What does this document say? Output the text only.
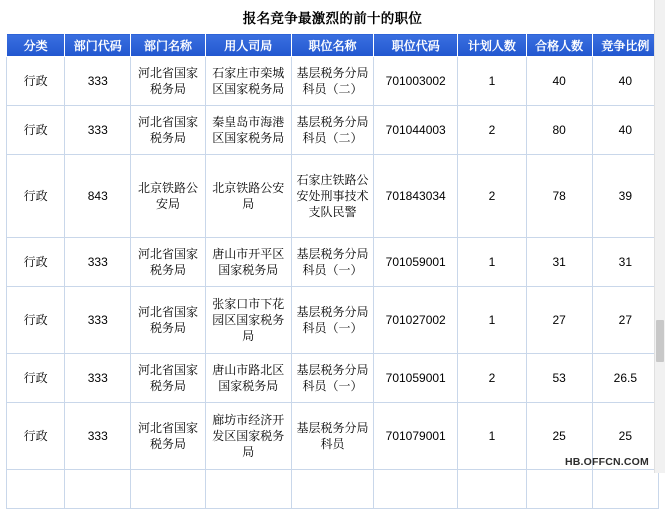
报名竞争最激烈的前十的职位
分类	部门代码	部门名称	用人司局	职位名称	职位代码	计划人数	合格人数	竞争比例
行政	333	河北省国家税务局	石家庄市栾城区国家税务局	基层税务分局科员（二）	701003002	1	40	40
行政	333	河北省国家税务局	秦皇岛市海港区国家税务局	基层税务分局科员（二）	701044003	2	80	40
行政	843	北京铁路公安局	北京铁路公安局	石家庄铁路公安处刑事技术支队民警	701843034	2	78	39
行政	333	河北省国家税务局	唐山市开平区国家税务局	基层税务分局科员（一）	701059001	1	31	31
行政	333	河北省国家税务局	张家口市下花园区国家税务局	基层税务分局科员（一）	701027002	1	27	27
行政	333	河北省国家税务局	唐山市路北区国家税务局	基层税务分局科员（一）	701059001	2	53	26.5
行政	333	河北省国家税务局	廊坊市经济开发区国家税务局	基层税务分局科员	701079001	1	25	25

HB.OFFCN.COM
